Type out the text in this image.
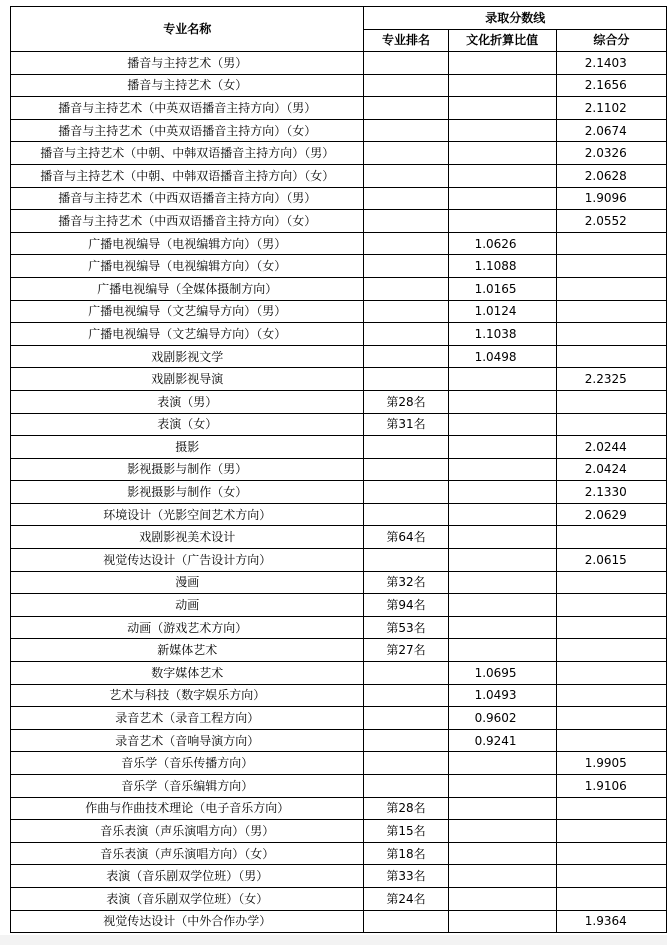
专业名称	录取分数线		
	专业排名	文化折算比值	综合分
播音与主持艺术（男）			2.1403
播音与主持艺术（女）			2.1656
播音与主持艺术（中英双语播音主持方向）（男）			2.1102
播音与主持艺术（中英双语播音主持方向）（女）			2.0674
播音与主持艺术（中朝、中韩双语播音主持方向）（男）			2.0326
播音与主持艺术（中朝、中韩双语播音主持方向）（女）			2.0628
播音与主持艺术（中西双语播音主持方向）（男）			1.9096
播音与主持艺术（中西双语播音主持方向）（女）			2.0552
广播电视编导（电视编辑方向）（男）		1.0626	
广播电视编导（电视编辑方向）（女）		1.1088	
广播电视编导（全媒体摄制方向）		1.0165	
广播电视编导（文艺编导方向）（男）		1.0124	
广播电视编导（文艺编导方向）（女）		1.1038	
戏剧影视文学		1.0498	
戏剧影视导演			2.2325
表演（男）	第28名		
表演（女）	第31名		
摄影			2.0244
影视摄影与制作（男）			2.0424
影视摄影与制作（女）			2.1330
环境设计（光影空间艺术方向）			2.0629
戏剧影视美术设计	第64名		
视觉传达设计（广告设计方向）			2.0615
漫画	第32名		
动画	第94名		
动画（游戏艺术方向）	第53名		
新媒体艺术	第27名		
数字媒体艺术		1.0695	
艺术与科技（数字娱乐方向）		1.0493	
录音艺术（录音工程方向）		0.9602	
录音艺术（音响导演方向）		0.9241	
音乐学（音乐传播方向）			1.9905
音乐学（音乐编辑方向）			1.9106
作曲与作曲技术理论（电子音乐方向）	第28名		
音乐表演（声乐演唱方向）（男）	第15名		
音乐表演（声乐演唱方向）（女）	第18名		
表演（音乐剧双学位班）（男）	第33名		
表演（音乐剧双学位班）（女）	第24名		
视觉传达设计（中外合作办学）			1.9364
